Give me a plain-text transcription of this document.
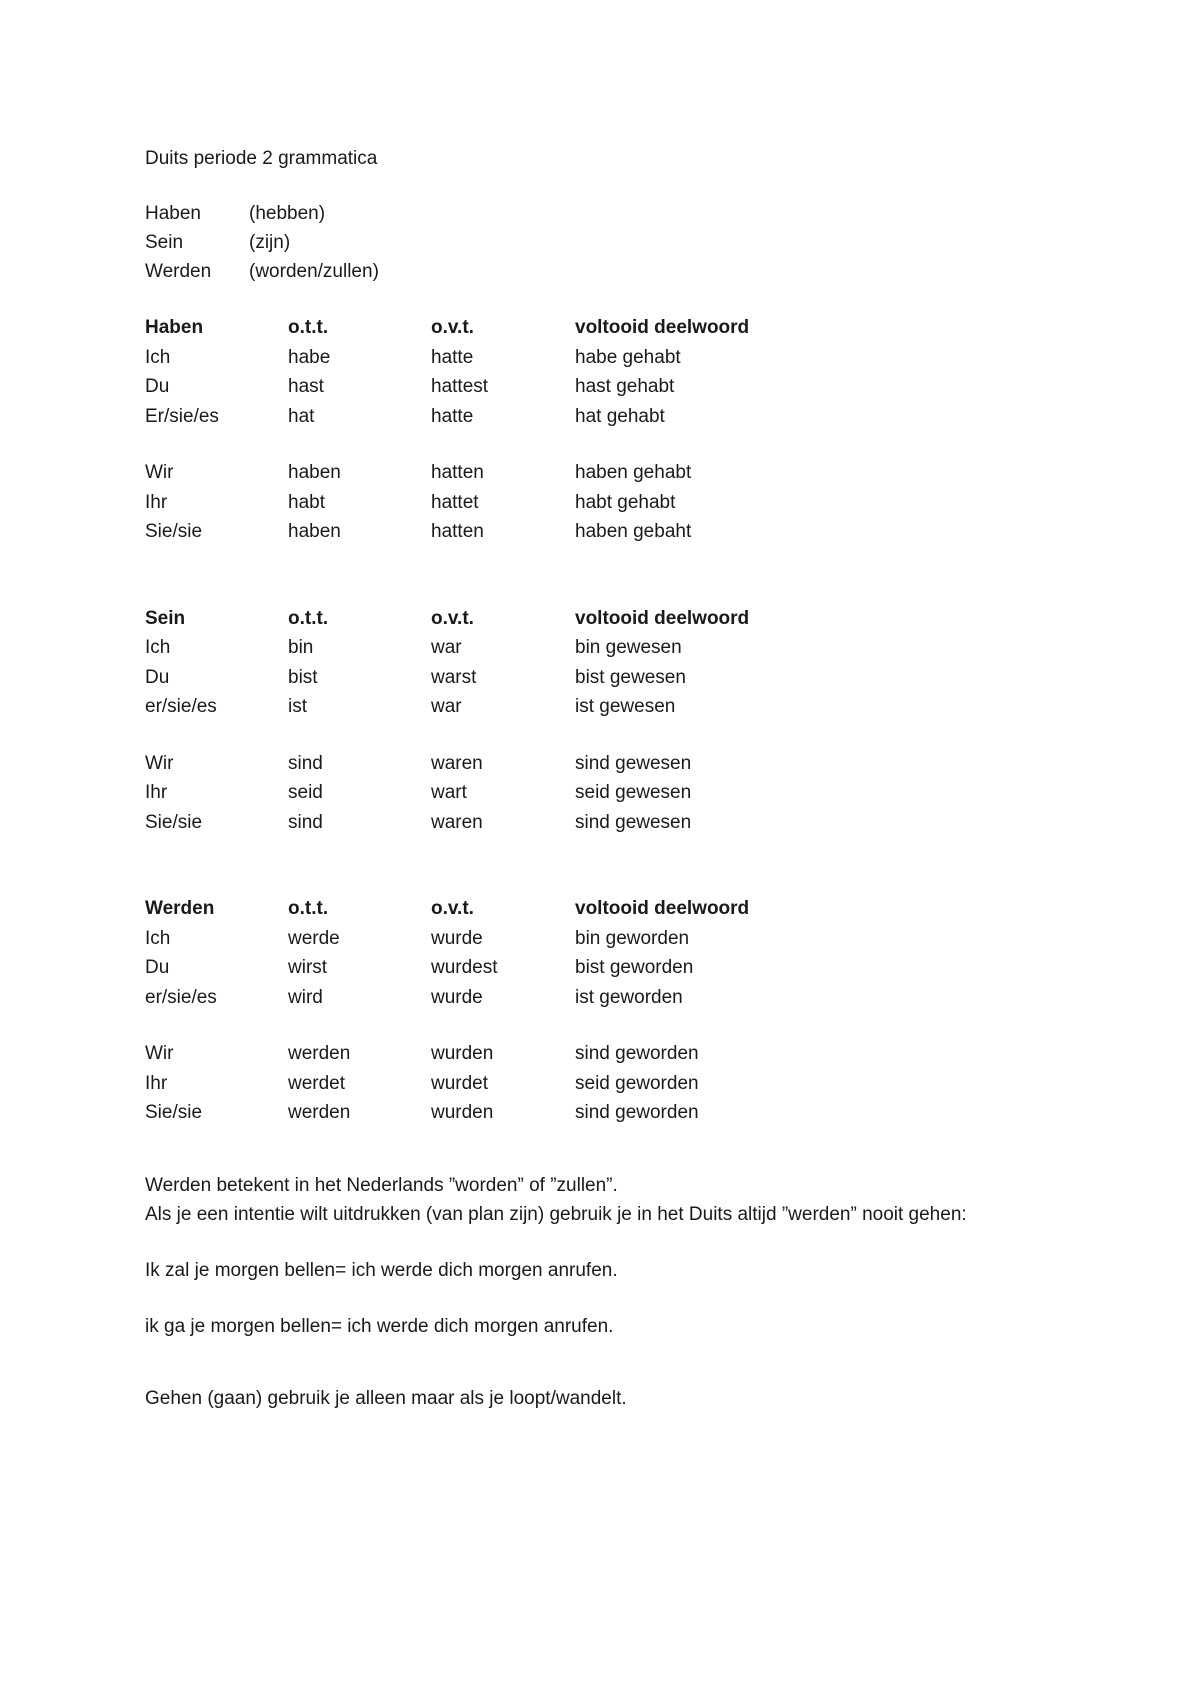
Duits periode 2 grammatica
Haben	(hebben)
Sein	(zijn)
Werden	(worden/zullen)
Haben	o.t.t.	o.v.t.	voltooid deelwoord
Ich	habe	hatte	habe gehabt
Du	hast	hattest	hast gehabt
Er/sie/es	hat	hatte	hat gehabt
Wir	haben	hatten	haben gehabt
Ihr	habt	hattet	habt gehabt
Sie/sie	haben	hatten	haben gebaht
Sein	o.t.t.	o.v.t.	voltooid deelwoord
Ich	bin	war	bin gewesen
Du	bist	warst	bist gewesen
er/sie/es	ist	war	ist gewesen
Wir	sind	waren	sind gewesen
Ihr	seid	wart	seid gewesen
Sie/sie	sind	waren	sind gewesen
Werden	o.t.t.	o.v.t.	voltooid deelwoord
Ich	werde	wurde	bin geworden
Du	wirst	wurdest	bist geworden
er/sie/es	wird	wurde	ist geworden
Wir	werden	wurden	sind geworden
Ihr	werdet	wurdet	seid geworden
Sie/sie	werden	wurden	sind geworden
Werden betekent in het Nederlands ”worden” of ”zullen”.
Als je een intentie wilt uitdrukken (van plan zijn) gebruik je in het Duits altijd ”werden” nooit gehen:
Ik zal je morgen bellen= ich werde dich morgen anrufen.
ik ga je morgen bellen= ich werde dich morgen anrufen.
Gehen (gaan) gebruik je alleen maar als je loopt/wandelt.
